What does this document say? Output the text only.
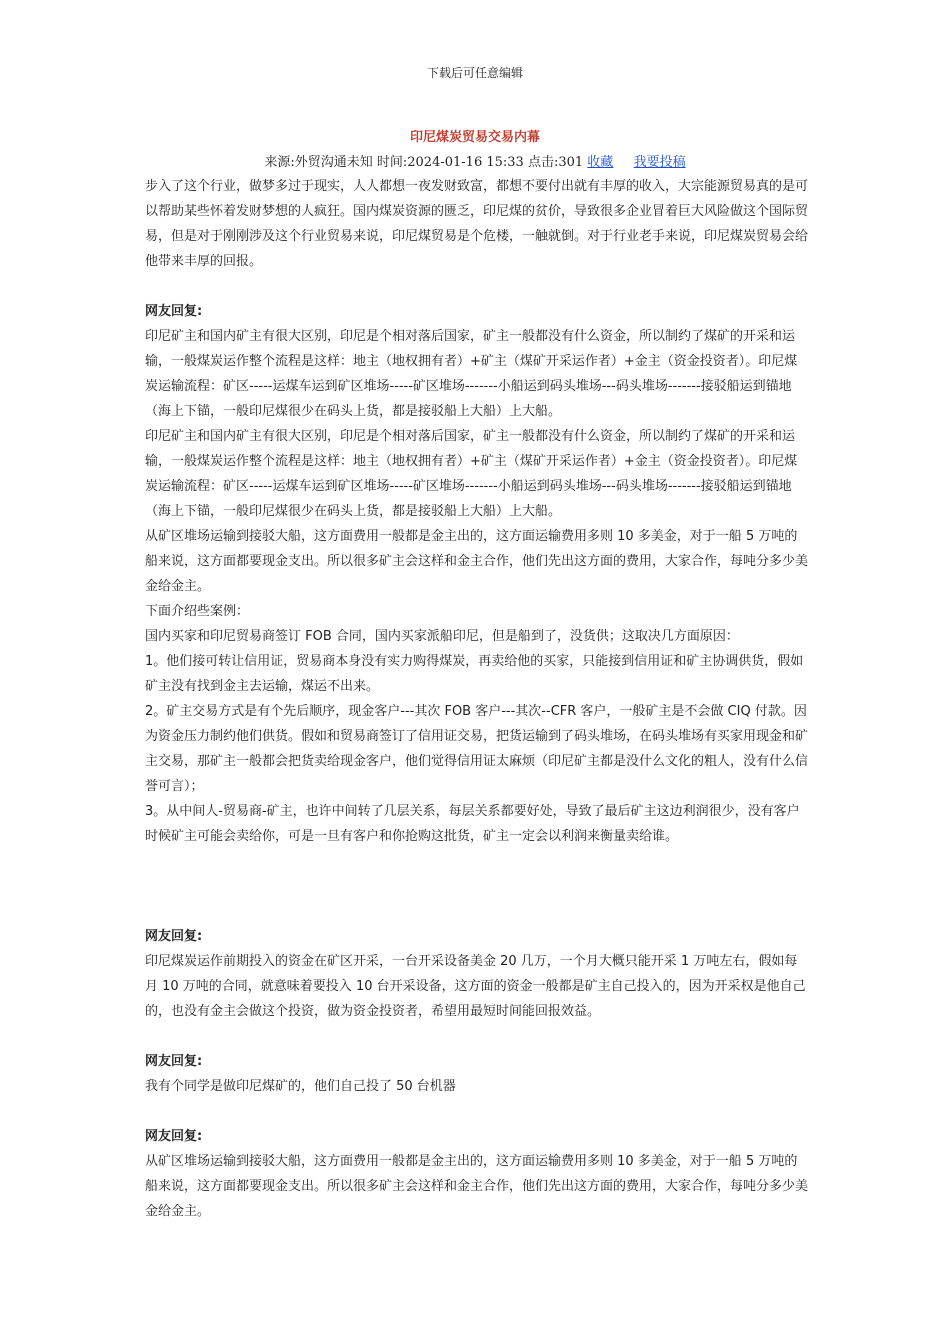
下载后可任意编辑
印尼煤炭贸易交易内幕
来源:外贸沟通未知 时间:2024-01-16 15:33 点击:301 收藏 我要投稿

步入了这个行业，做梦多过于现实，人人都想一夜发财致富，都想不要付出就有丰厚的收入，大宗能源贸易真的是可以帮助某些怀着发财梦想的人疯狂。国内煤炭资源的匮乏，印尼煤的贫价，导致很多企业冒着巨大风险做这个国际贸易，但是对于刚刚涉及这个行业贸易来说，印尼煤贸易是个危楼，一触就倒。对于行业老手来说，印尼煤炭贸易会给他带来丰厚的回报。

网友回复:

印尼矿主和国内矿主有很大区别，印尼是个相对落后国家，矿主一般都没有什么资金，所以制约了煤矿的开采和运输，一般煤炭运作整个流程是这样：地主（地权拥有者）+矿主（煤矿开采运作者）+金主（资金投资者）。印尼煤炭运输流程：矿区-----运煤车运到矿区堆场-----矿区堆场-------小船运到码头堆场---码头堆场-------接驳船运到锚地（海上下锚，一般印尼煤很少在码头上货，都是接驳船上大船）上大船。

印尼矿主和国内矿主有很大区别，印尼是个相对落后国家，矿主一般都没有什么资金，所以制约了煤矿的开采和运输，一般煤炭运作整个流程是这样：地主（地权拥有者）+矿主（煤矿开采运作者）+金主（资金投资者）。印尼煤炭运输流程：矿区-----运煤车运到矿区堆场-----矿区堆场-------小船运到码头堆场---码头堆场-------接驳船运到锚地（海上下锚，一般印尼煤很少在码头上货，都是接驳船上大船）上大船。

从矿区堆场运输到接驳大船，这方面费用一般都是金主出的，这方面运输费用多则 10 多美金，对于一船 5 万吨的船来说，这方面都要现金支出。所以很多矿主会这样和金主合作，他们先出这方面的费用，大家合作，每吨分多少美金给金主。

下面介绍些案例：

国内买家和印尼贸易商签订 FOB 合同，国内买家派船印尼，但是船到了，没货供；这取决几方面原因：

1。他们接可转让信用证，贸易商本身没有实力购得煤炭，再卖给他的买家，只能接到信用证和矿主协调供货，假如矿主没有找到金主去运输，煤运不出来。

2。矿主交易方式是有个先后顺序，现金客户---其次 FOB 客户---其次--CFR 客户，一般矿主是不会做 CIQ 付款。因为资金压力制约他们供货。假如和贸易商签订了信用证交易，把货运输到了码头堆场，在码头堆场有买家用现金和矿主交易，那矿主一般都会把货卖给现金客户，他们觉得信用证太麻烦（印尼矿主都是没什么文化的粗人，没有什么信誉可言）；

3。从中间人-贸易商-矿主，也许中间转了几层关系，每层关系都要好处，导致了最后矿主这边利润很少，没有客户时候矿主可能会卖给你，可是一旦有客户和你抢购这批货，矿主一定会以利润来衡量卖给谁。

网友回复:

印尼煤炭运作前期投入的资金在矿区开采，一台开采设备美金 20 几万，一个月大概只能开采 1 万吨左右，假如每月 10 万吨的合同，就意味着要投入 10 台开采设备，这方面的资金一般都是矿主自己投入的，因为开采权是他自己的，也没有金主会做这个投资，做为资金投资者，希望用最短时间能回报效益。

网友回复:

我有个同学是做印尼煤矿的，他们自己投了 50 台机器

网友回复:

从矿区堆场运输到接驳大船，这方面费用一般都是金主出的，这方面运输费用多则 10 多美金，对于一船 5 万吨的船来说，这方面都要现金支出。所以很多矿主会这样和金主合作，他们先出这方面的费用，大家合作，每吨分多少美金给金主。
